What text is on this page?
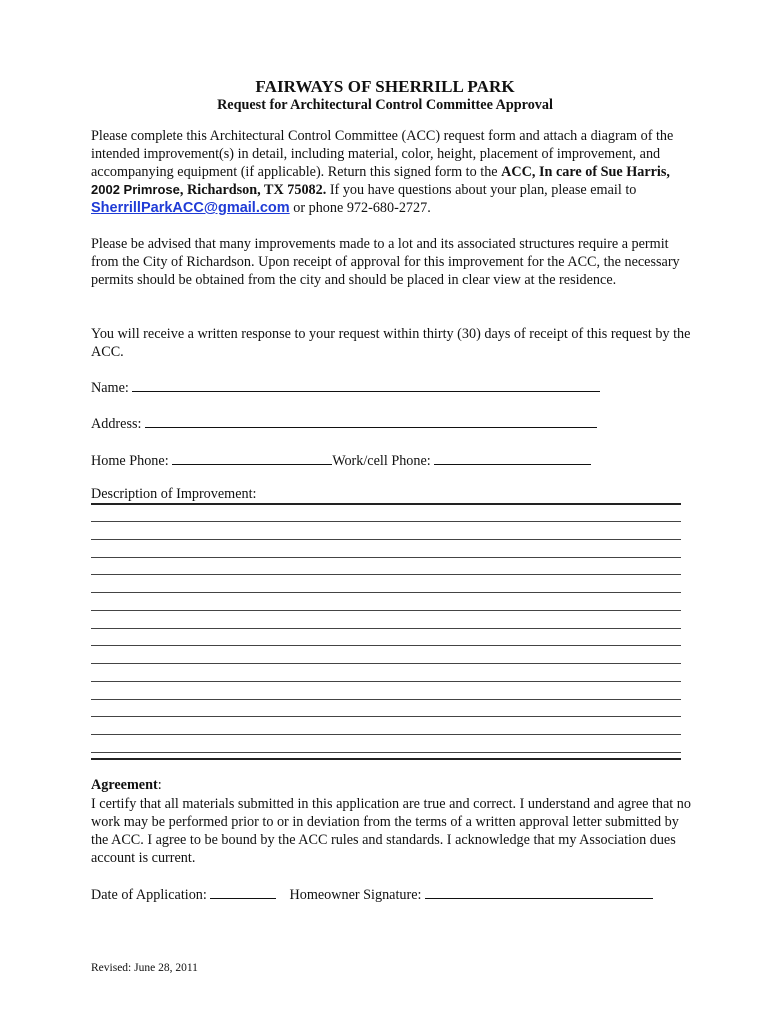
FAIRWAYS OF SHERRILL PARK
Request for Architectural Control Committee Approval
Please complete this Architectural Control Committee (ACC) request form and attach a diagram of the intended improvement(s) in detail, including material, color, height, placement of improvement, and accompanying equipment (if applicable). Return this signed form to the ACC, In care of Sue Harris, 2002 Primrose, Richardson, TX 75082. If you have questions about your plan, please email to SherrillParkACC@gmail.com or phone 972-680-2727.
Please be advised that many improvements made to a lot and its associated structures require a permit from the City of Richardson. Upon receipt of approval for this improvement for the ACC, the necessary permits should be obtained from the city and should be placed in clear view at the residence.
You will receive a written response to your request within thirty (30) days of receipt of this request by the ACC.
Name:
Address:
Home Phone:	Work/cell Phone:
Description of Improvement:
Agreement:
I certify that all materials submitted in this application are true and correct. I understand and agree that no work may be performed prior to or in deviation from the terms of a written approval letter submitted by the ACC. I agree to be bound by the ACC rules and standards. I acknowledge that my Association dues account is current.
Date of Application:	Homeowner Signature:
Revised: June 28, 2011
